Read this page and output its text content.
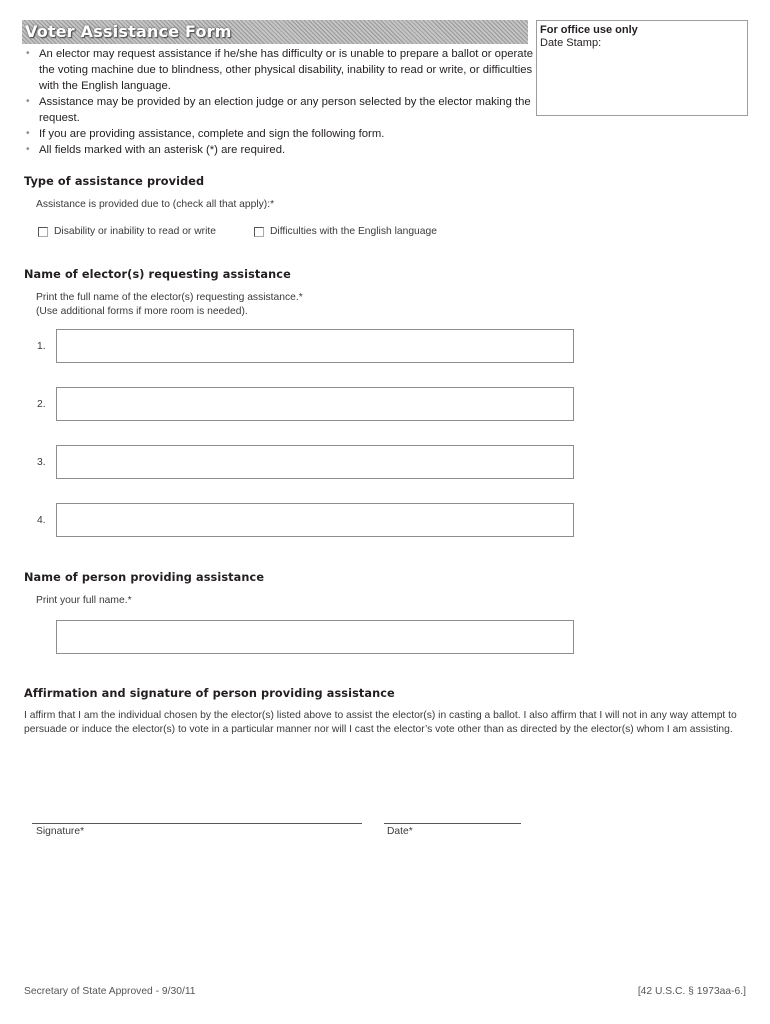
Voter Assistance Form	For office use only
Date Stamp:
• An elector may request assistance if he/she has difficulty or is unable to prepare a ballot or operate the voting machine due to blindness, other physical disability, inability to read or write, or difficulties with the English language.
• Assistance may be provided by an election judge or any person selected by the elector making the request.
• If you are providing assistance, complete and sign the following form.
• All fields marked with an asterisk (*) are required.
Type of assistance provided
Assistance is provided due to (check all that apply):*
Disability or inability to read or write	Difficulties with the English language
Name of elector(s) requesting assistance
Print the full name of the elector(s) requesting assistance.*
(Use additional forms if more room is needed).
1.
2.
3.
4.
Name of person providing assistance
Print your full name.*
Affirmation and signature of person providing assistance
I affirm that I am the individual chosen by the elector(s) listed above to assist the elector(s) in casting a ballot. I also affirm that I will not in any way attempt to persuade or induce the elector(s) to vote in a particular manner nor will I cast the elector’s vote other than as directed by the elector(s) whom I am assisting.
Signature*	Date*
Secretary of State Approved - 9/30/11	[42 U.S.C. § 1973aa-6.]
